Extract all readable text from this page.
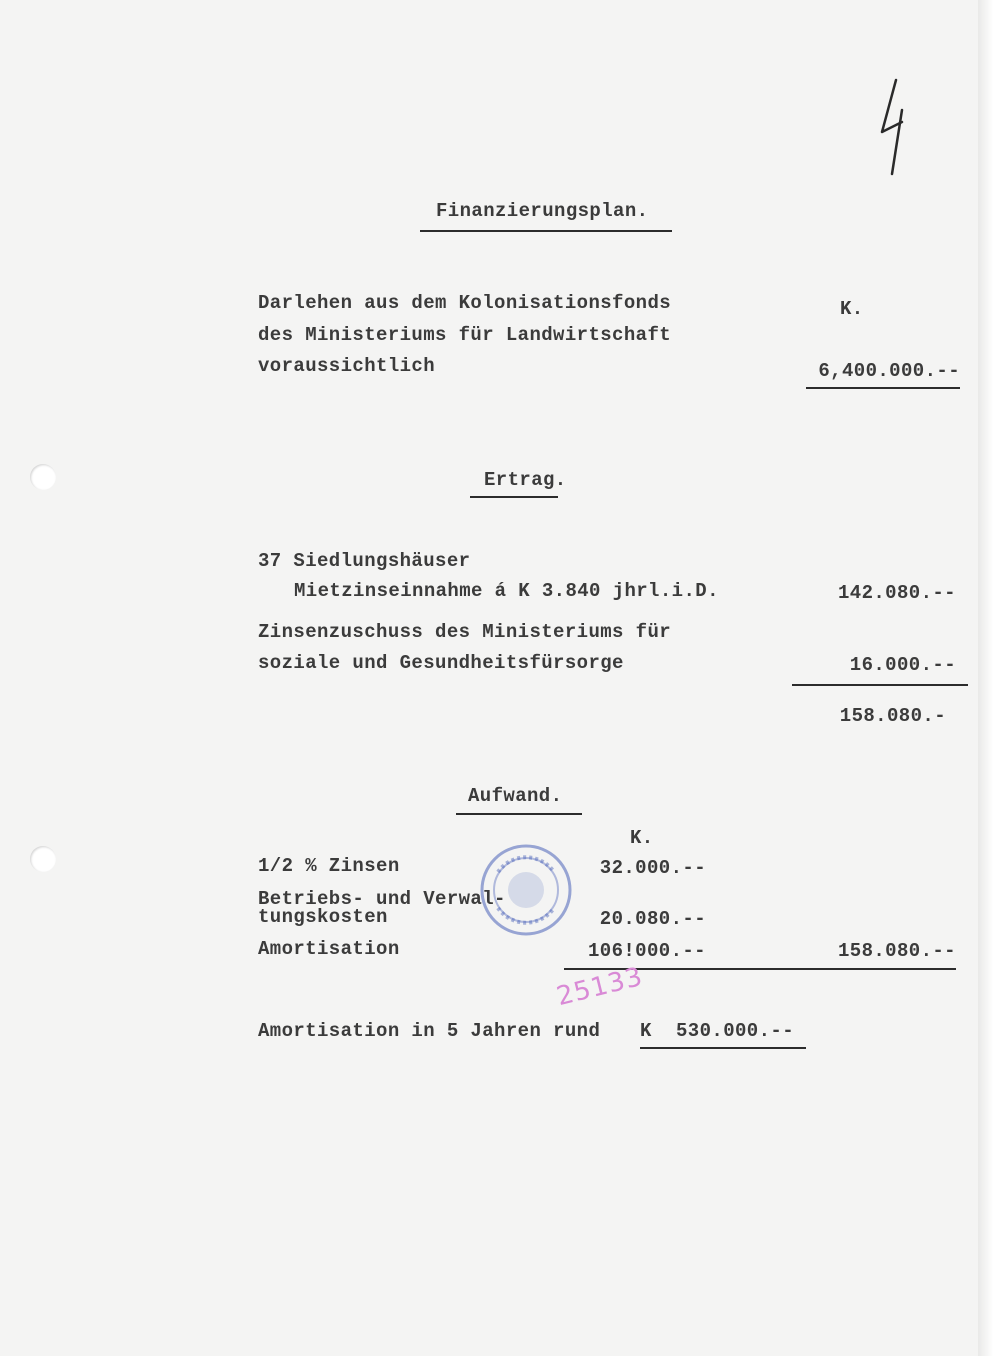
Finanzierungsplan.
Darlehen aus dem Kolonisationsfonds
des Ministeriums für Landwirtschaft
voraussichtlich
K.
6,400.000.--
Ertrag.
37 Siedlungshäuser
Mietzinseinnahme á K 3.840 jhrl.i.D.	142.080.--
Zinsenzuschuss des Ministeriums für
soziale und Gesundheitsfürsorge	16.000.--
158.080.-
Aufwand.
K.
1/2 % Zinsen	32.000.--
Betriebs- und Verwal-
tungskosten	20.080.--
Amortisation	106!000.--	158.080.--
Amortisation in 5 Jahren rund K 530.000.--
25133
